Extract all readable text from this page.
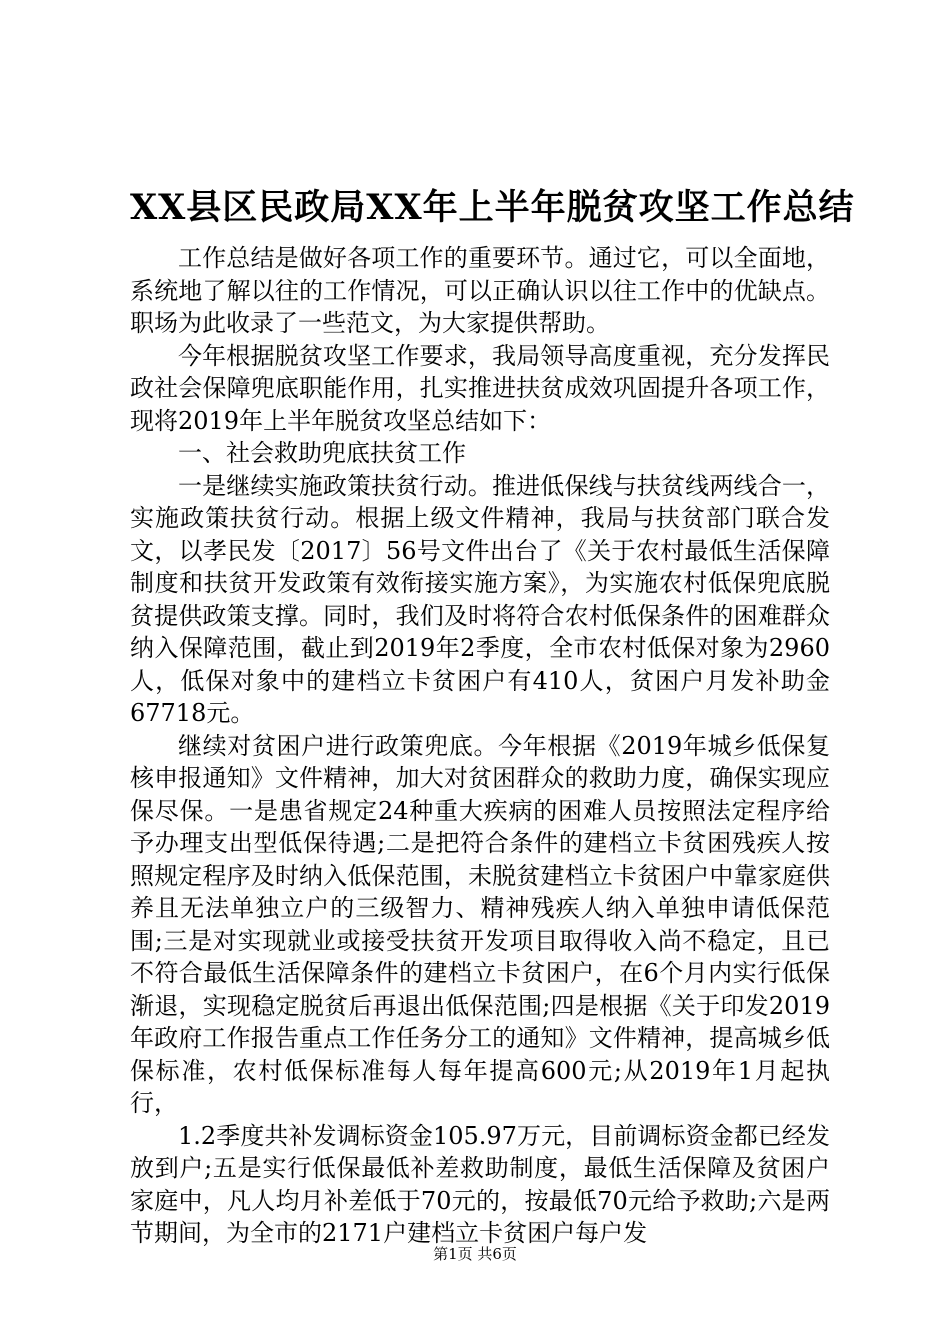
XX县区民政局XX年上半年脱贫攻坚工作总结

工作总结是做好各项工作的重要环节。通过它，可以全面地，系统地了解以往的工作情况，可以正确认识以往工作中的优缺点。职场为此收录了一些范文，为大家提供帮助。

今年根据脱贫攻坚工作要求，我局领导高度重视，充分发挥民政社会保障兜底职能作用，扎实推进扶贫成效巩固提升各项工作，现将2019年上半年脱贫攻坚总结如下：

一、社会救助兜底扶贫工作

一是继续实施政策扶贫行动。推进低保线与扶贫线两线合一，实施政策扶贫行动。根据上级文件精神，我局与扶贫部门联合发文，以孝民发〔2017〕56号文件出台了《关于农村最低生活保障制度和扶贫开发政策有效衔接实施方案》，为实施农村低保兜底脱贫提供政策支撑。同时，我们及时将符合农村低保条件的困难群众纳入保障范围，截止到2019年2季度，全市农村低保对象为2960人，低保对象中的建档立卡贫困户有410人，贫困户月发补助金67718元。

继续对贫困户进行政策兜底。今年根据《2019年城乡低保复核申报通知》文件精神，加大对贫困群众的救助力度，确保实现应保尽保。一是患省规定24种重大疾病的困难人员按照法定程序给予办理支出型低保待遇;二是把符合条件的建档立卡贫困残疾人按照规定程序及时纳入低保范围，未脱贫建档立卡贫困户中靠家庭供养且无法单独立户的三级智力、精神残疾人纳入单独申请低保范围;三是对实现就业或接受扶贫开发项目取得收入尚不稳定，且已不符合最低生活保障条件的建档立卡贫困户，在6个月内实行低保渐退，实现稳定脱贫后再退出低保范围;四是根据《关于印发2019年政府工作报告重点工作任务分工的通知》文件精神，提高城乡低保标准，农村低保标准每人每年提高600元;从2019年1月起执行，

1.2季度共补发调标资金105.97万元，目前调标资金都已经发放到户;五是实行低保最低补差救助制度，最低生活保障及贫困户家庭中，凡人均月补差低于70元的，按最低70元给予救助;六是两节期间，为全市的2171户建档立卡贫困户每户发

第1页 共6页
